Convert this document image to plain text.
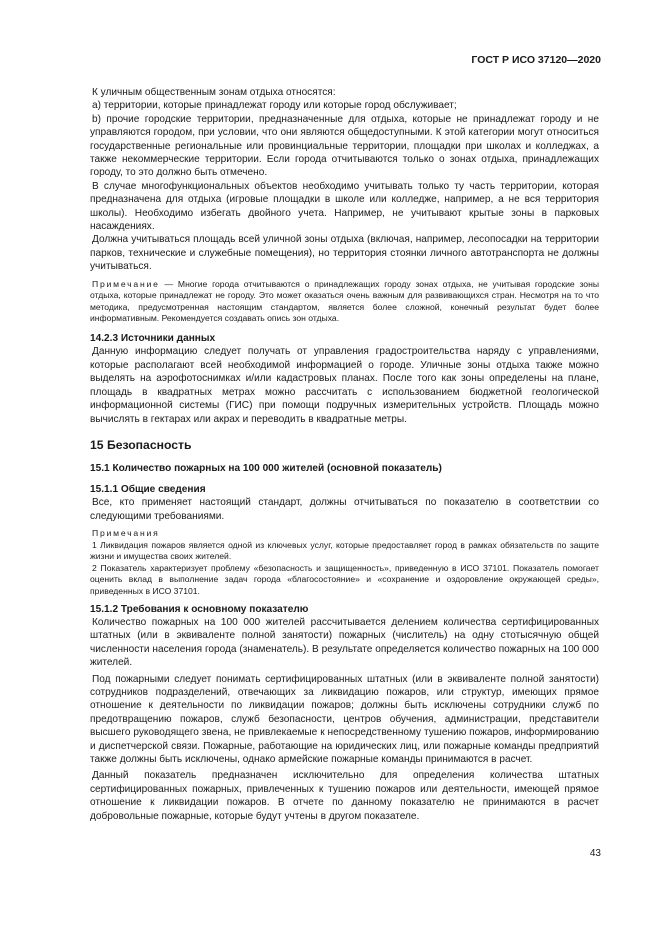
ГОСТ Р ИСО 37120—2020

К уличным общественным зонам отдыха относятся:

а) территории, которые принадлежат городу или которые город обслуживает;

b) прочие городские территории, предназначенные для отдыха, которые не принадлежат городу и не управляются городом, при условии, что они являются общедоступными. К этой категории могут относиться государственные региональные или провинциальные территории, площадки при школах и колледжах, а также некоммерческие территории. Если города отчитываются только о зонах отдыха, принадлежащих городу, то это должно быть отмечено.

В случае многофункциональных объектов необходимо учитывать только ту часть территории, которая предназначена для отдыха (игровые площадки в школе или колледже, например, а не вся территория школы). Необходимо избегать двойного учета. Например, не учитывают крытые зоны в парковых насаждениях.

Должна учитываться площадь всей уличной зоны отдыха (включая, например, лесопосадки на территории парков, технические и служебные помещения), но территория стоянки личного автотранспорта не должны учитываться.

Примечание — Многие города отчитываются о принадлежащих городу зонах отдыха, не учитывая городские зоны отдыха, которые принадлежат не городу. Это может оказаться очень важным для развивающихся стран. Несмотря на то что методика, предусмотренная настоящим стандартом, является более сложной, конечный результат будет более информативным. Рекомендуется создавать опись зон отдыха.

14.2.3 Источники данных

Данную информацию следует получать от управления градостроительства наряду с управлениями, которые располагают всей необходимой информацией о городе. Уличные зоны отдыха также можно выделять на аэрофотоснимках и/или кадастровых планах. После того как зоны определены на плане, площадь в квадратных метрах можно рассчитать с использованием бюджетной геологической информационной системы (ГИС) при помощи подручных измерительных устройств. Площадь можно вычислять в гектарах или акрах и переводить в квадратные метры.

15 Безопасность

15.1 Количество пожарных на 100 000 жителей (основной показатель)

15.1.1 Общие сведения

Все, кто применяет настоящий стандарт, должны отчитываться по показателю в соответствии со следующими требованиями.

Примечания

1 Ликвидация пожаров является одной из ключевых услуг, которые предоставляет город в рамках обязательств по защите жизни и имущества своих жителей.

2 Показатель характеризует проблему «безопасность и защищенность», приведенную в ИСО 37101. Показатель помогает оценить вклад в выполнение задач города «благосостояние» и «сохранение и оздоровление окружающей среды», приведенных в ИСО 37101.

15.1.2 Требования к основному показателю

Количество пожарных на 100 000 жителей рассчитывается делением количества сертифицированных штатных (или в эквиваленте полной занятости) пожарных (числитель) на одну стотысячную общей численности населения города (знаменатель). В результате определяется количество пожарных на 100 000 жителей.

Под пожарными следует понимать сертифицированных штатных (или в эквиваленте полной занятости) сотрудников подразделений, отвечающих за ликвидацию пожаров, или структур, имеющих прямое отношение к деятельности по ликвидации пожаров; должны быть исключены сотрудники служб по предотвращению пожаров, служб безопасности, центров обучения, администрации, представители высшего руководящего звена, не привлекаемые к непосредственному тушению пожаров, информированию и диспетчерской связи. Пожарные, работающие на юридических лиц, или пожарные команды предприятий также должны быть исключены, однако армейские пожарные команды принимаются в расчет.

Данный показатель предназначен исключительно для определения количества штатных сертифицированных пожарных, привлеченных к тушению пожаров или деятельности, имеющей прямое отношение к ликвидации пожаров. В отчете по данному показателю не принимаются в расчет добровольные пожарные, которые будут учтены в другом показателе.

43
